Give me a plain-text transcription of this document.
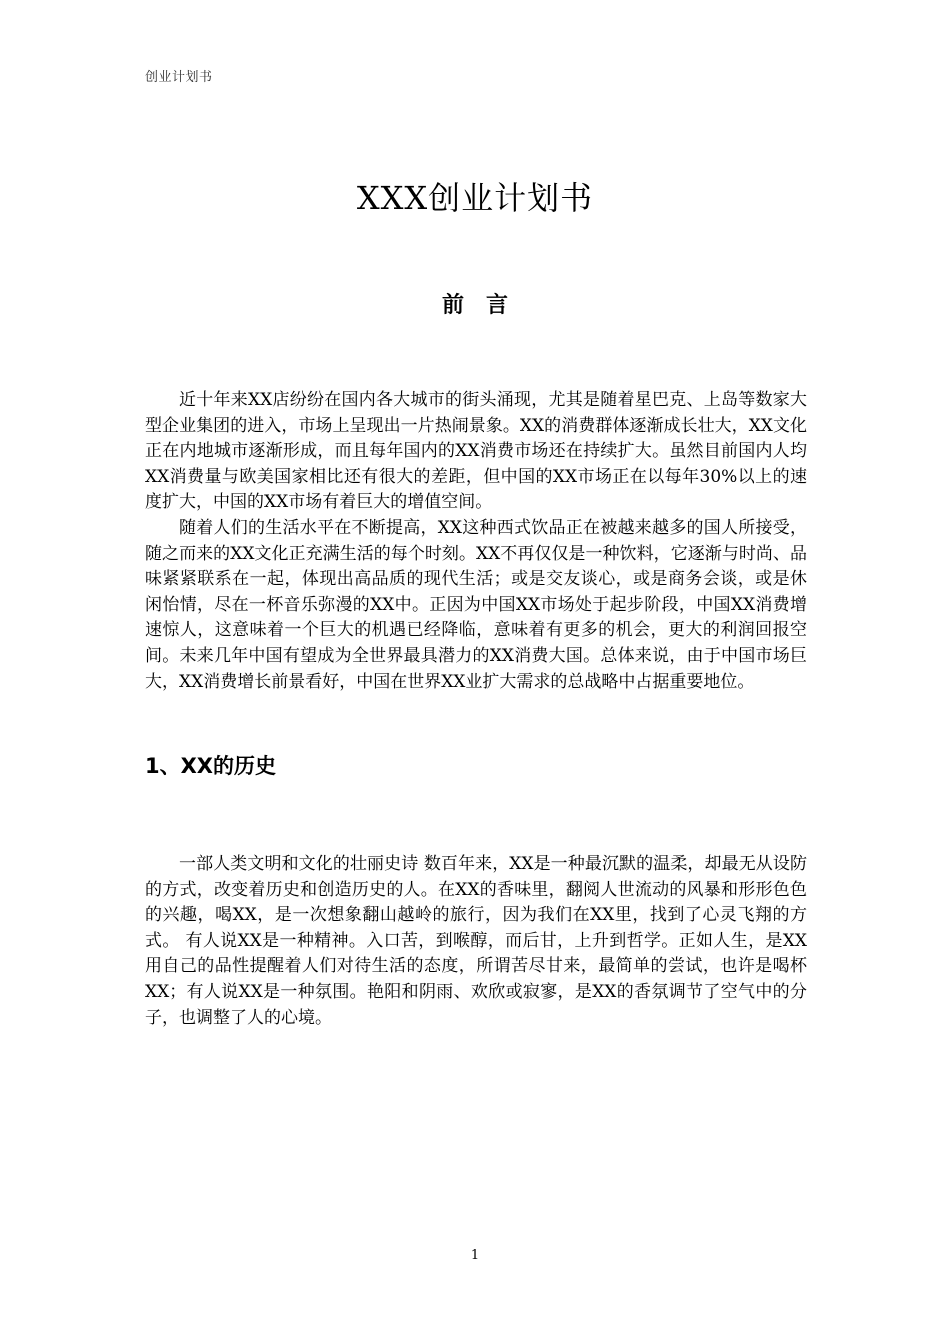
创业计划书
XXX创业计划书
前言

近十年来XX店纷纷在国内各大城市的街头涌现，尤其是随着星巴克、上岛等数家大型企业集团的进入，市场上呈现出一片热闹景象。XX的消费群体逐渐成长壮大，XX文化正在内地城市逐渐形成，而且每年国内的XX消费市场还在持续扩大。虽然目前国内人均XX消费量与欧美国家相比还有很大的差距，但中国的XX市场正在以每年30%以上的速度扩大，中国的XX市场有着巨大的增值空间。

随着人们的生活水平在不断提高，XX这种西式饮品正在被越来越多的国人所接受，随之而来的XX文化正充满生活的每个时刻。XX不再仅仅是一种饮料，它逐渐与时尚、品味紧紧联系在一起，体现出高品质的现代生活；或是交友谈心，或是商务会谈，或是休闲怡情，尽在一杯音乐弥漫的XX中。正因为中国XX市场处于起步阶段，中国XX消费增速惊人，这意味着一个巨大的机遇已经降临，意味着有更多的机会，更大的利润回报空间。未来几年中国有望成为全世界最具潜力的XX消费大国。总体来说，由于中国市场巨大，XX消费增长前景看好，中国在世界XX业扩大需求的总战略中占据重要地位。

1、XX的历史

一部人类文明和文化的壮丽史诗 数百年来，XX是一种最沉默的温柔，却最无从设防的方式，改变着历史和创造历史的人。在XX的香味里，翻阅人世流动的风暴和形形色色的兴趣，喝XX，是一次想象翻山越岭的旅行，因为我们在XX里，找到了心灵飞翔的方式。 有人说XX是一种精神。入口苦，到喉醇，而后甘，上升到哲学。正如人生，是XX用自己的品性提醒着人们对待生活的态度，所谓苦尽甘来，最简单的尝试，也许是喝杯XX；有人说XX是一种氛围。艳阳和阴雨、欢欣或寂寥，是XX的香氛调节了空气中的分子，也调整了人的心境。

1
